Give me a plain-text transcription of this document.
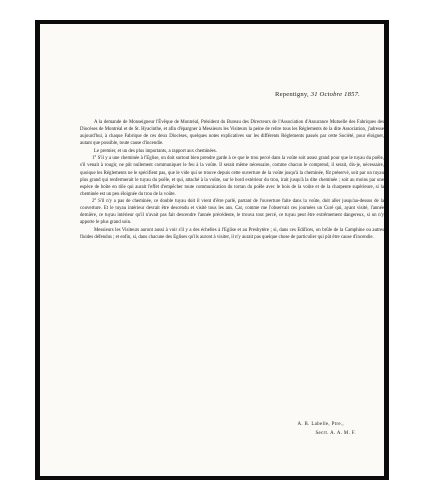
Repentigny, 31 Octobre 1857.

A la demande de Monseigneur l'Évêque de Montréal, Président du Bureau des Directeurs de l'Association d'Assurance Mutuelle des Fabriques des Diocèses de Montréal et de St. Hyacinthe, et afin d'épargner à Messieurs les Visiteurs la peine de relire tous les Réglements de la dite Association, j'adresse aujourd'hui, à chaque Fabrique de ces deux Diocèses, quelques notes explicatives sur les différents Réglements passés par cette Société, pour éloigner, autant que possible, toute cause d'incendie.

Le premier, et un des plus importants, a rapport aux cheminées.

1° S'il y a une cheminée à l'Eglise, on doit surtout bien prendre garde à ce que le trou percé dans la voûte soit assez grand pour que le tuyau du poêle, s'il venait à rougir, ne pût nullement communiquer le feu à la voûte. Il serait même nécessaire, comme chacun le comprend, il serait, dis-je, nécessaire, quoique les Réglements ne le spécifient pas, que le vide qui se trouve depuis cette ouverture de la voûte jusqu'à la cheminée, fût préservé, soit par un tuyau plus grand qui renfermerait le tuyau du poêle, et qui, attaché à la voûte, sur le bord extérieur du trou, irait jusqu'à la dite cheminée ; soit au moins par une espèce de boîte en tôle qui aurait l'effet d'empêcher toute communication du torran du poêle avec le bois de la voûte et de la charpente supérieure, si la cheminée est un peu éloignée du trou de la voûte.

2° S'il n'y a pas de cheminée, ce double tuyau doit il vient d'être parlé, partant de l'ouverture faite dans la voûte, doit aller jusqu'au-dessus de la couverture. Et le tuyau intérieur devrait être descendu et visité tous les ans. Car, comme me l'observait ces journées un Curé qui, ayant visité, l'année dernière, ce tuyau intérieur qu'il n'avait pas fait descendre l'année précédente, le trouva tout percé, ce tuyau peut être extrêmement dangereux, si on n'y apporte le plus grand soin.

Messieurs les Visiteurs auront aussi à voir s'il y a des échelles à l'Eglise et au Presbytère ; si, dans ces Edifices, on brûle de la Camphine ou autres fluides défendus ; et enfin, si, dans chacune des Eglises qu'ils auront à visiter, il n'y aurait pas quelque chose de particulier qui pût être cause d'incendie.

A. B. Labelle, Ptre.,
Secrt. A. A. M. F.
